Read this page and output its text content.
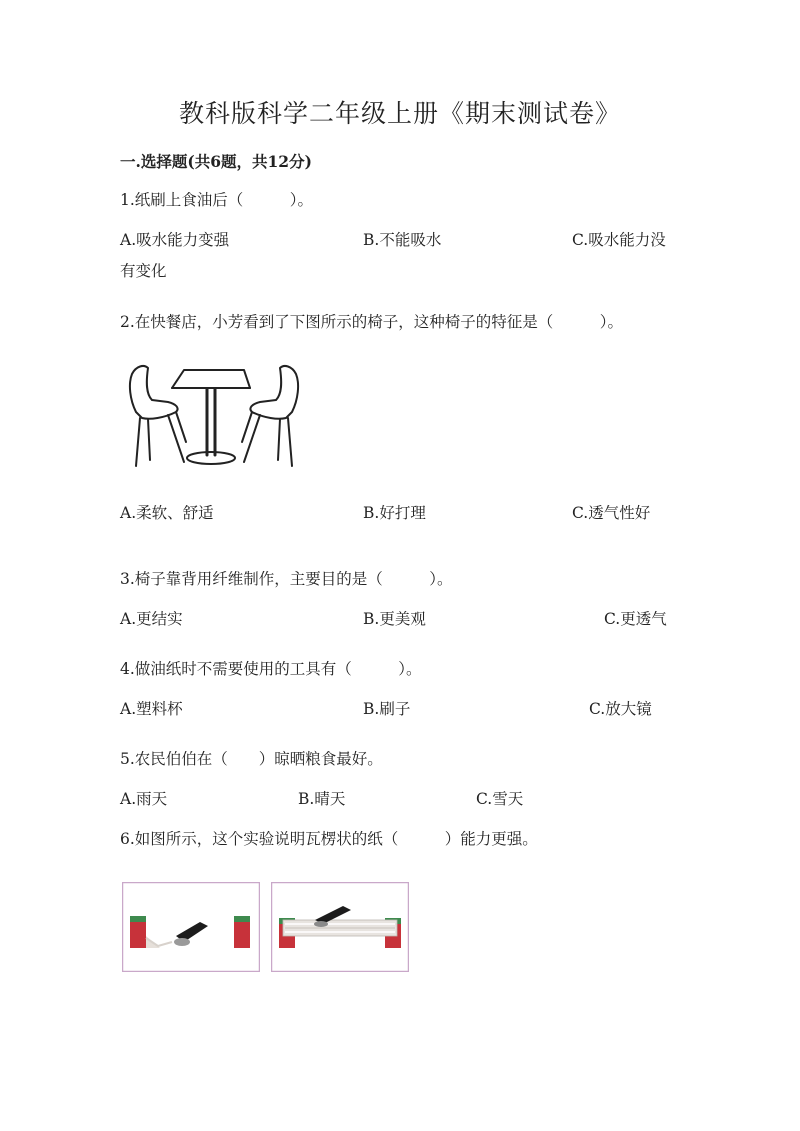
教科版科学二年级上册《期末测试卷》
一.选择题(共6题，共12分)
1.纸刷上食油后（　　　）。
A.吸水能力变强	B.不能吸水	C.吸水能力没
有变化
2.在快餐店，小芳看到了下图所示的椅子，这种椅子的特征是（　　　）。
A.柔软、舒适	B.好打理	C.透气性好
3.椅子靠背用纤维制作，主要目的是（　　　）。
A.更结实	B.更美观	C.更透气
4.做油纸时不需要使用的工具有（　　　）。
A.塑料杯	B.刷子	C.放大镜
5.农民伯伯在（　　）晾晒粮食最好。
A.雨天	B.晴天	C.雪天
6.如图所示，这个实验说明瓦楞状的纸（　　　）能力更强。
